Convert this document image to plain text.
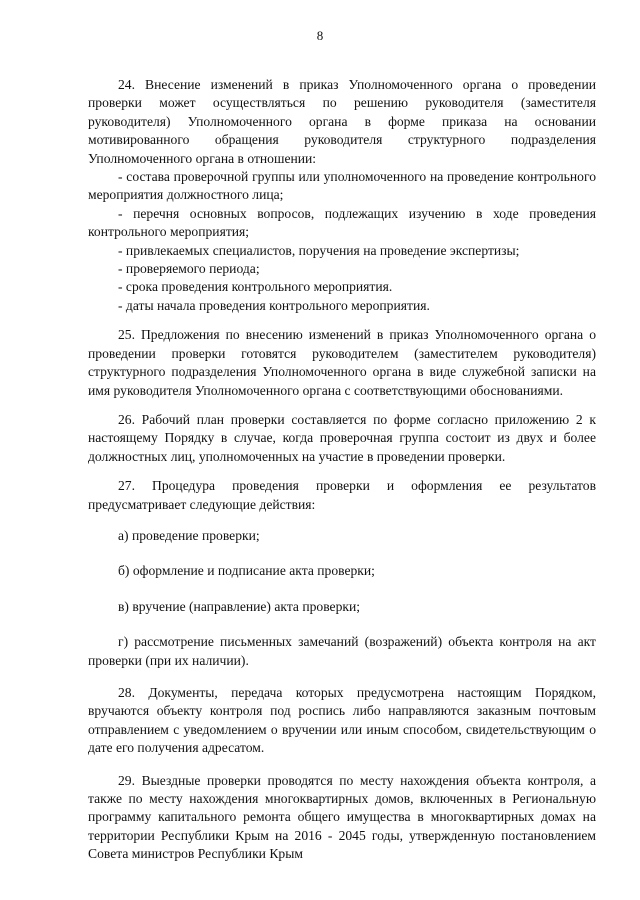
8

24. Внесение изменений в приказ Уполномоченного органа о проведении проверки может осуществляться по решению руководителя (заместителя руководителя) Уполномоченного органа в форме приказа на основании мотивированного обращения руководителя структурного подразделения Уполномоченного органа в отношении:

- состава проверочной группы или уполномоченного на проведение контрольного мероприятия должностного лица;

- перечня основных вопросов, подлежащих изучению в ходе проведения контрольного мероприятия;

- привлекаемых специалистов, поручения на проведение экспертизы;

- проверяемого периода;

- срока проведения контрольного мероприятия.

- даты начала проведения контрольного мероприятия.

25. Предложения по внесению изменений в приказ Уполномоченного органа о проведении проверки готовятся руководителем (заместителем руководителя) структурного подразделения Уполномоченного органа в виде служебной записки на имя руководителя Уполномоченного органа с соответствующими обоснованиями.

26. Рабочий план проверки составляется по форме согласно приложению 2 к настоящему Порядку в случае, когда проверочная группа состоит из двух и более должностных лиц, уполномоченных на участие в проведении проверки.

27. Процедура проведения проверки и оформления ее результатов предусматривает следующие действия:

а) проведение проверки;

б) оформление и подписание акта проверки;

в) вручение (направление) акта проверки;

г) рассмотрение письменных замечаний (возражений) объекта контроля на акт проверки (при их наличии).

28. Документы, передача которых предусмотрена настоящим Порядком, вручаются объекту контроля под роспись либо направляются заказным почтовым отправлением с уведомлением о вручении или иным способом, свидетельствующим о дате его получения адресатом.

29. Выездные проверки проводятся по месту нахождения объекта контроля, а также по месту нахождения многоквартирных домов, включенных в Региональную программу капитального ремонта общего имущества в многоквартирных домах на территории Республики Крым на 2016 - 2045 годы, утвержденную постановлением Совета министров Республики Крым
